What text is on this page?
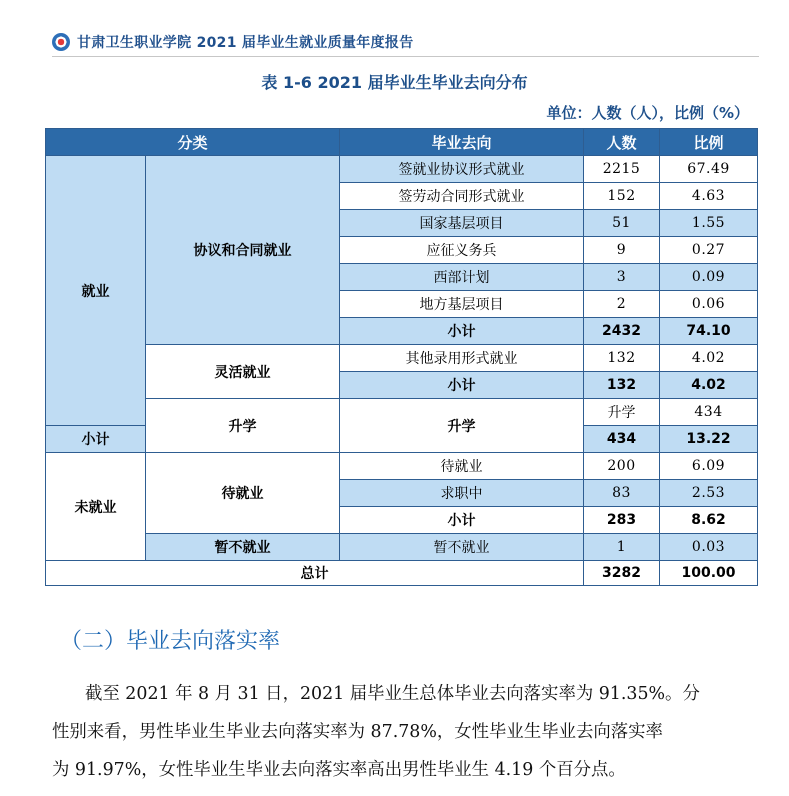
甘肃卫生职业学院 2021 届毕业生就业质量年度报告
表 1-6 2021 届毕业生毕业去向分布
单位：人数（人），比例（%）
分类		毕业去向	人数	比例	
就业	协议和合同就业	签就业协议形式就业	2215	67.49	
		签劳动合同形式就业	152	4.63	
		国家基层项目	51	1.55	
		应征义务兵	9	0.27	
		西部计划	3	0.09	
		地方基层项目	2	0.06	
		小计	2432	74.10	
	灵活就业	其他录用形式就业	132	4.02	
		小计	132	4.02	
	升学	升学	升学	434	
小计			434	13.22	
未就业	待就业	待就业	200	6.09	
		求职中	83	2.53	
		小计	283	8.62	
	暂不就业	暂不就业	1	0.03	
总计			3282	100.00	
（二）毕业去向落实率

截至 2021 年 8 月 31 日，2021 届毕业生总体毕业去向落实率为 91.35%。分

性别来看，男性毕业生毕业去向落实率为 87.78%，女性毕业生毕业去向落实率

为 91.97%，女性毕业生毕业去向落实率高出男性毕业生 4.19 个百分点。
